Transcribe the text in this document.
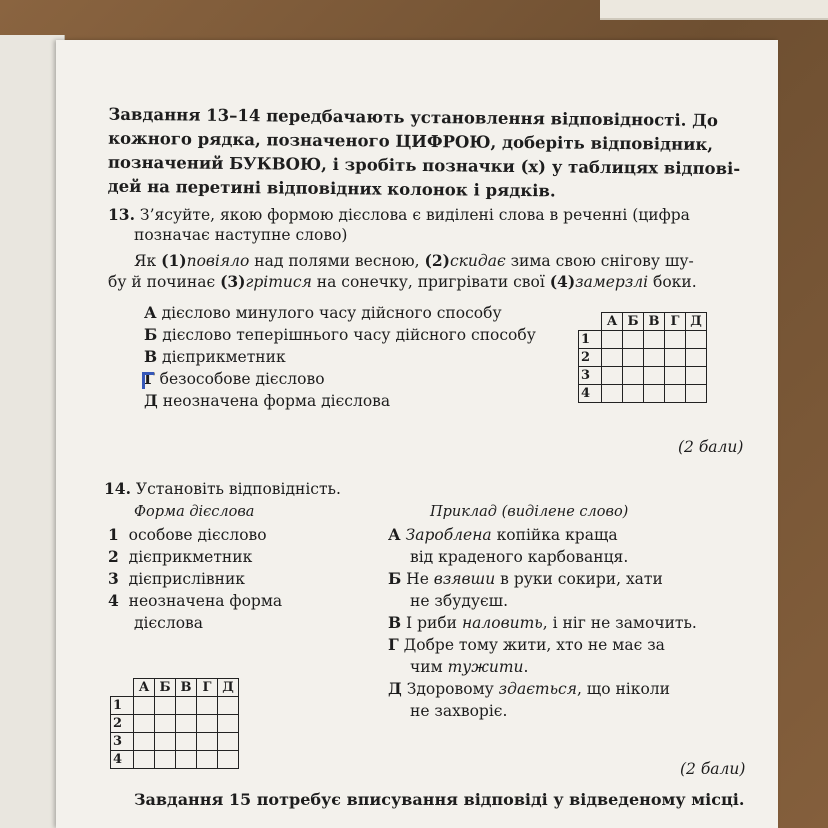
Завдання 13–14 передбачають установлення відповідності. До
кожного рядка, позначеного ЦИФРОЮ, доберіть відповідник,
позначений БУКВОЮ, і зробіть позначки (х) у таблицях відпові-
дей на перетині відповідних колонок і рядків.
13. З’ясуйте, якою формою дієслова є виділені слова в реченні (цифра
позначає наступне слово)
Як (1)повіяло над полями весною, (2)скидає зима свою снігову шу-
бу й починає (3)грітися на сонечку, пригрівати свої (4)замерзлі боки.
А дієслово минулого часу дійсного способу
Б дієслово теперішнього часу дійсного способу
В дієприкметник
Г безособове дієслово
Д неозначена форма дієслова
	А	Б	В	Г	Д
1					
2					
3					
4					
(2 бали)
14. Установіть відповідність.
Форма дієслова	Приклад (виділене слово)
1 особове дієслово
2 дієприкметник
3 дієприслівник
4 неозначена форма
дієслова
	А	Б	В	Г	Д
1					
2					
3					
4					
А Зароблена копійка краща
від краденого карбованця.
Б Не взявши в руки сокири, хати
не збудуєш.
В І риби наловить, і ніг не замочить.
Г Добре тому жити, хто не має за
чим тужити.
Д Здоровому здається, що ніколи
не захворіє.
(2 бали)
Завдання 15 потребує вписування відповіді у відведеному місці.
